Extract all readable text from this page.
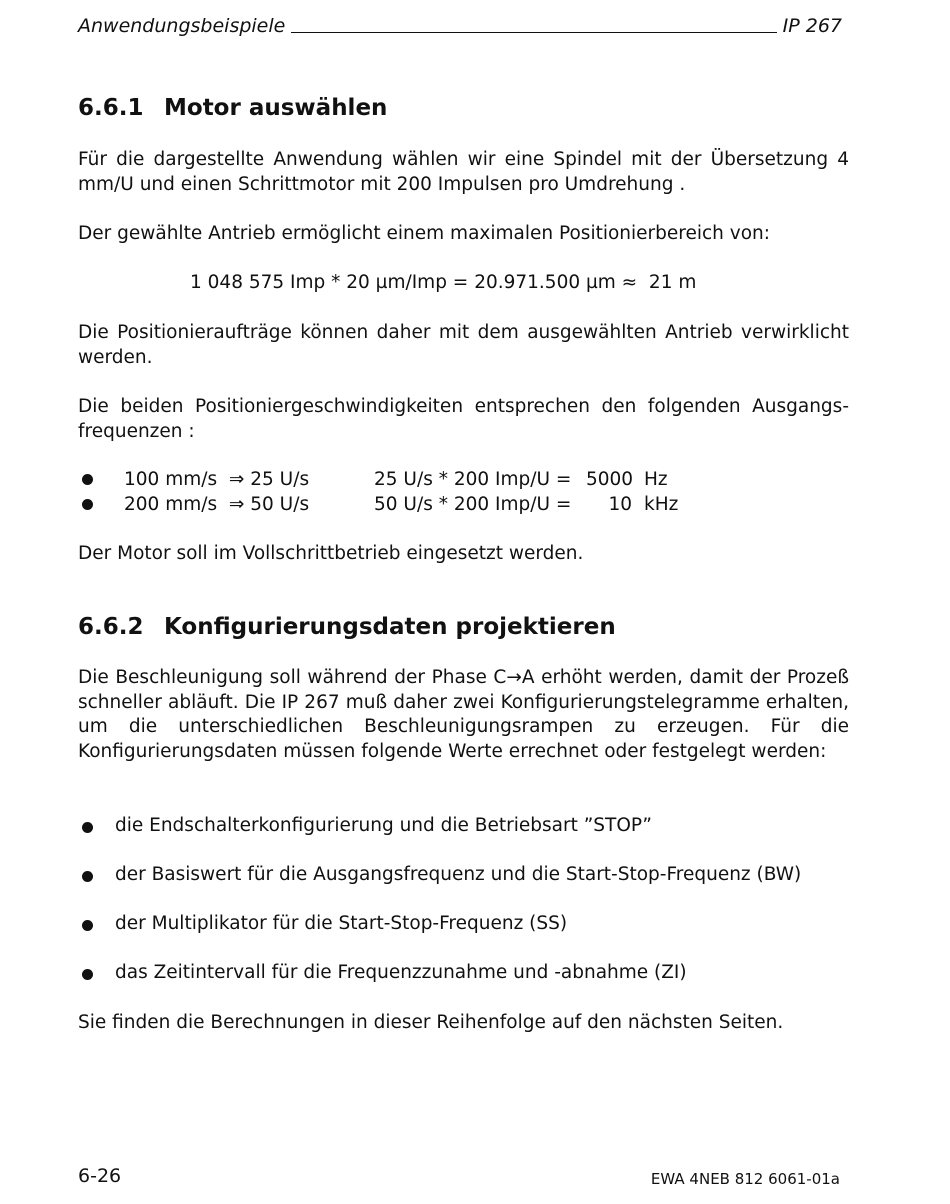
Anwendungsbeispiele	IP 267
6.6.1 Motor auswählen

Für die dargestellte Anwendung wählen wir eine Spindel mit der Übersetzung 4 mm/U und einen Schrittmotor mit 200 Impulsen pro Umdrehung .

Der gewählte Antrieb ermöglicht einem maximalen Positionierbereich von:

1 048 575 Imp * 20 µm/Imp = 20.971.500 µm ≈  21 m

Die Positionieraufträge können daher mit dem ausgewählten Antrieb verwirklicht werden.

Die beiden Positioniergeschwindigkeiten entsprechen den folgenden Ausgangs-frequenzen :

100 mm/s  ⇒ 25 U/s	25 U/s * 200 Imp/U = 5000 Hz
200 mm/s  ⇒ 50 U/s	50 U/s * 200 Imp/U =	10 kHz

Der Motor soll im Vollschrittbetrieb eingesetzt werden.

6.6.2 Konfigurierungsdaten projektieren

Die Beschleunigung soll während der Phase C→A erhöht werden, damit der Prozeß schneller abläuft. Die IP 267 muß daher zwei Konfigurierungstelegramme erhalten, um die unterschiedlichen Beschleunigungsrampen zu erzeugen. Für die Konfigurierungsdaten müssen folgende Werte errechnet oder festgelegt werden:

die Endschalterkonfigurierung und die Betriebsart ”STOP”
der Basiswert für die Ausgangsfrequenz und die Start-Stop-Frequenz (BW)
der Multiplikator für die Start-Stop-Frequenz (SS)
das Zeitintervall für die Frequenzzunahme und -abnahme (ZI)

Sie finden die Berechnungen in dieser Reihenfolge auf den nächsten Seiten.

6-26	EWA 4NEB 812 6061-01a
